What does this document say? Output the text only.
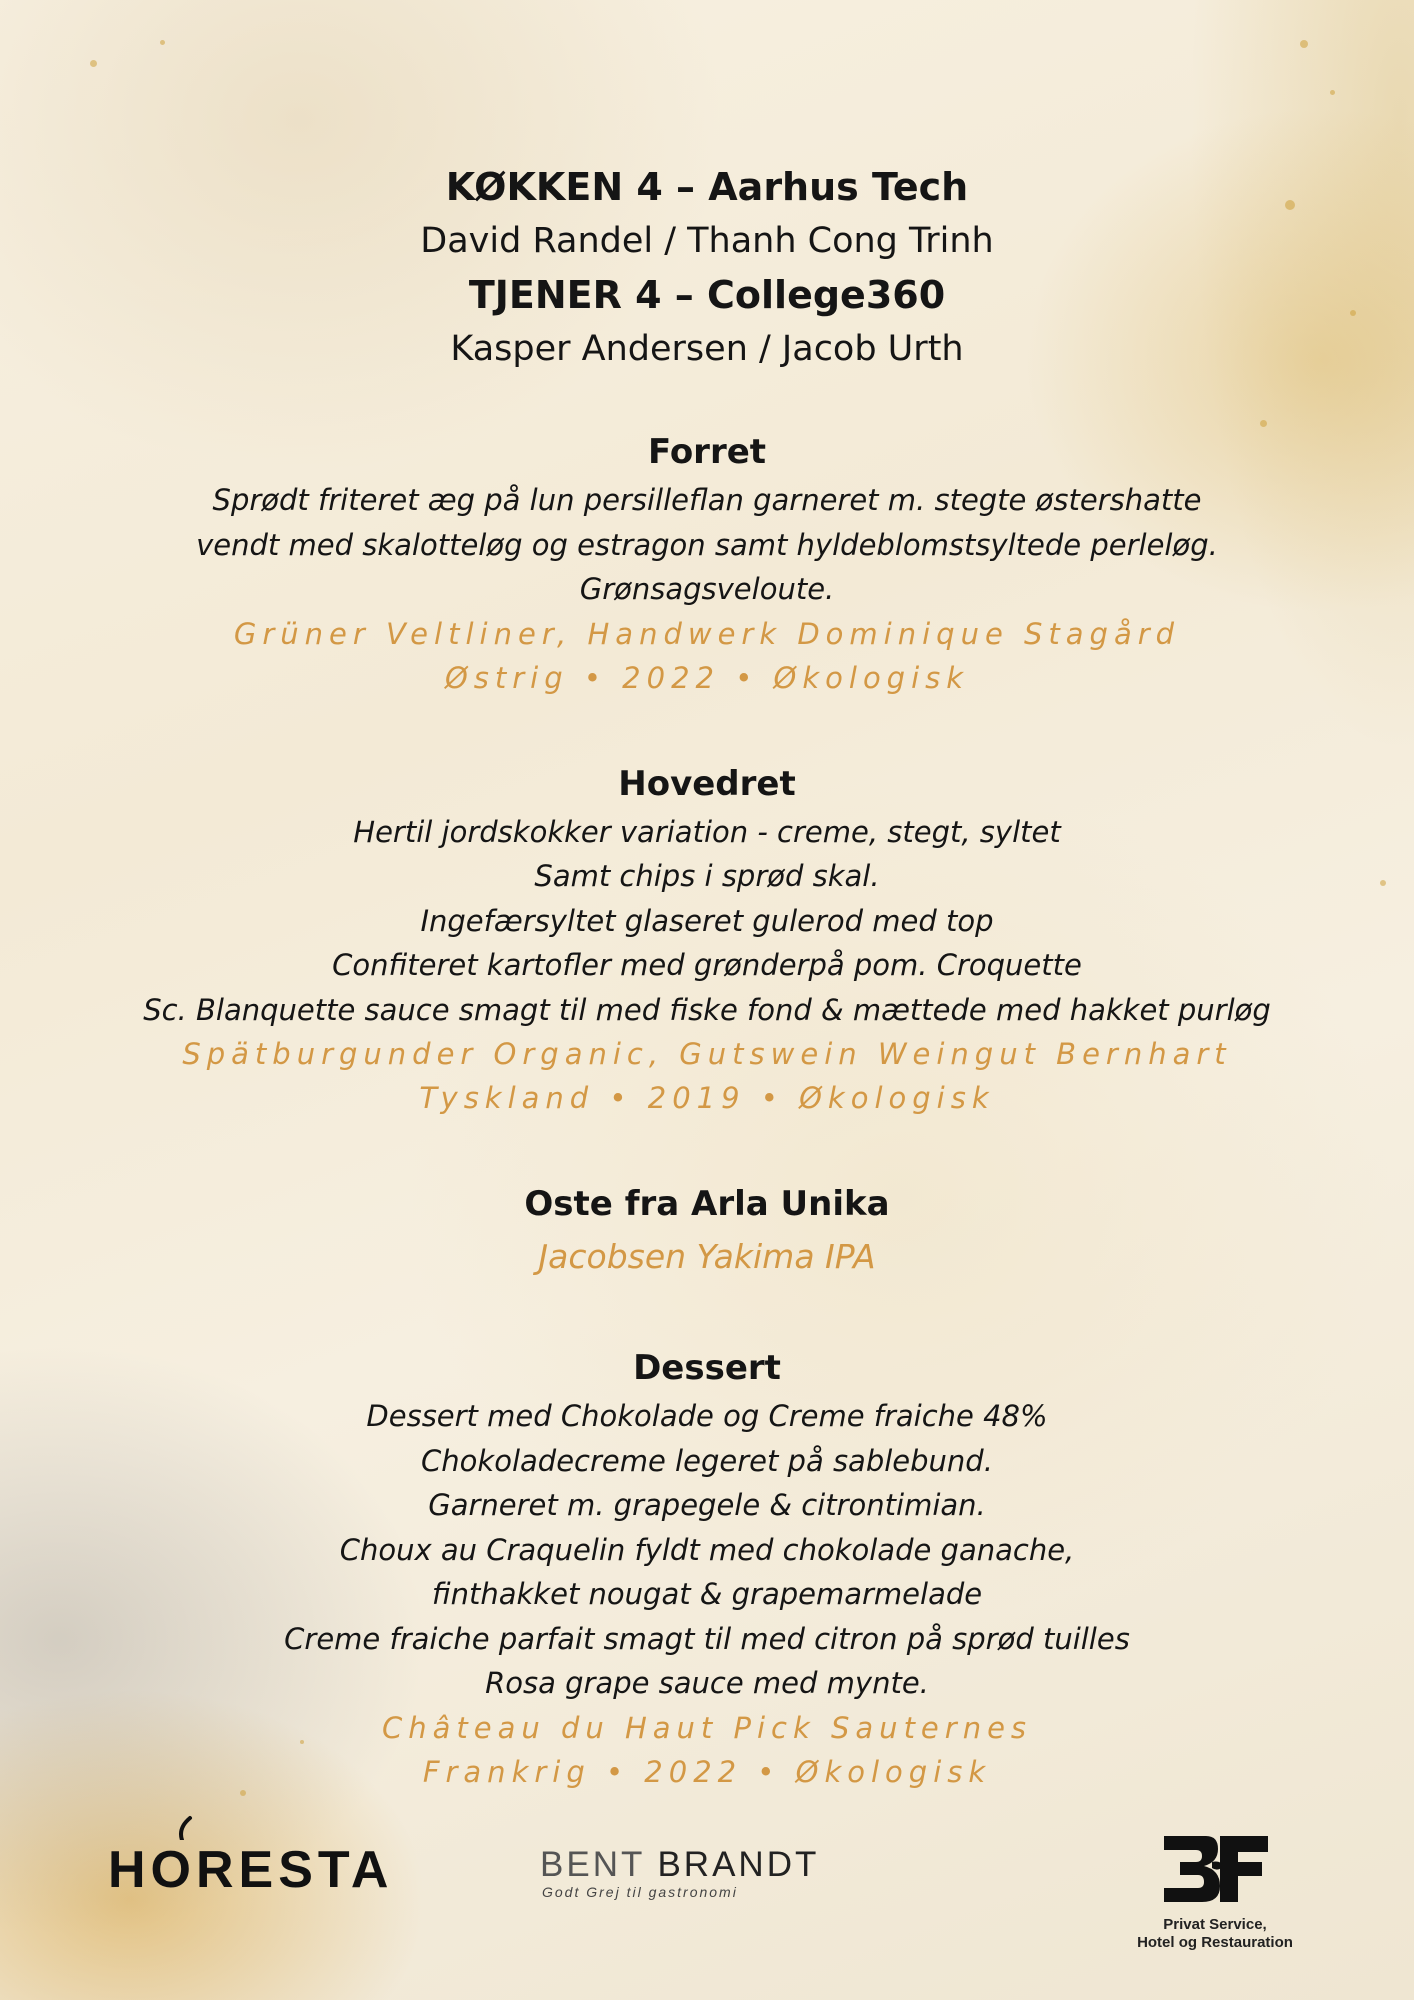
KØKKEN 4 – Aarhus Tech

David Randel / Thanh Cong Trinh

TJENER 4 – College360

Kasper Andersen / Jacob Urth

Forret

Sprødt friteret æg på lun persilleflan garneret m. stegte østershatte

vendt med skalotteløg og estragon samt hyldeblomstsyltede perleløg.

Grønsagsveloute.

Grüner Veltliner, Handwerk Dominique Stagård

Østrig • 2022 • Økologisk

Hovedret

Hertil jordskokker variation - creme, stegt, syltet

Samt chips i sprød skal.

Ingefærsyltet glaseret gulerod med top

Confiteret kartofler med grønderpå pom. Croquette

Sc. Blanquette sauce smagt til med fiske fond & mættede med hakket purløg

Spätburgunder Organic, Gutswein Weingut Bernhart

Tyskland • 2019 • Økologisk

Oste fra Arla Unika

Jacobsen Yakima IPA

Dessert

Dessert med Chokolade og Creme fraiche 48%

Chokoladecreme legeret på sablebund.

Garneret m. grapegele & citrontimian.

Choux au Craquelin fyldt med chokolade ganache,

finthakket nougat & grapemarmelade

Creme fraiche parfait smagt til med citron på sprød tuilles

Rosa grape sauce med mynte.

Château du Haut Pick Sauternes

Frankrig • 2022 • Økologisk

HORESTA	BENT BRANDT
Godt Grej til gastronomi
Privat Service,
Hotel og Restauration
